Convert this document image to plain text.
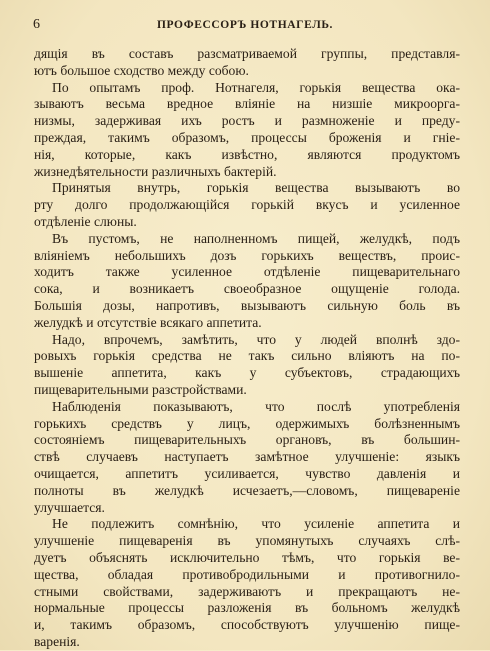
6	ПРОФЕССОРЪ НОТНАГЕЛЬ.
дящія въ составъ разсматриваемой группы, представля-
ютъ большое сходство между собою.
По опытамъ проф. Нотнагеля, горькія вещества ока-
зываютъ весьма вредное вліяніе на низшіе микроорга-
низмы, задерживая ихъ ростъ и размноженіе и преду-
преждая, такимъ образомъ, процессы броженія и гніе-
нія, которые, какъ извѣстно, являются продуктомъ
жизнедѣятельности различныхъ бактерій.
Принятыя внутрь, горькія вещества вызываютъ во
рту долго продолжающійся горькій вкусъ и усиленное
отдѣленіе слюны.
Въ пустомъ, не наполненномъ пищей, желудкѣ, подъ
вліяніемъ небольшихъ дозъ горькихъ веществъ, проис-
ходитъ также усиленное отдѣленіе пищеварительнаго
сока, и возникаетъ своеобразное ощущеніе голода.
Большія дозы, напротивъ, вызываютъ сильную боль въ
желудкѣ и отсутствіе всякаго аппетита.
Надо, впрочемъ, замѣтить, что у людей вполнѣ здо-
ровыхъ горькія средства не такъ сильно вліяютъ на по-
вышеніе аппетита, какъ у субъектовъ, страдающихъ
пищеварительными разстройствами.
Наблюденія показываютъ, что послѣ употребленія
горькихъ средствъ у лицъ, одержимыхъ болѣзненнымъ
состояніемъ пищеварительныхъ органовъ, въ большин-
ствѣ случаевъ наступаетъ замѣтное улучшеніе: языкъ
очищается, аппетитъ усиливается, чувство давленія и
полноты въ желудкѣ исчезаетъ,—словомъ, пищевареніе
улучшается.
Не подлежитъ сомнѣнію, что усиленіе аппетита и
улучшеніе пищеваренія въ упомянутыхъ случаяхъ слѣ-
дуетъ объяснять исключительно тѣмъ, что горькія ве-
щества, обладая противобродильными и противогнило-
стными свойствами, задерживаютъ и прекращаютъ не-
нормальные процессы разложенія въ больномъ желудкѣ
и, такимъ образомъ, способствуютъ улучшенію пище-
варенія.
